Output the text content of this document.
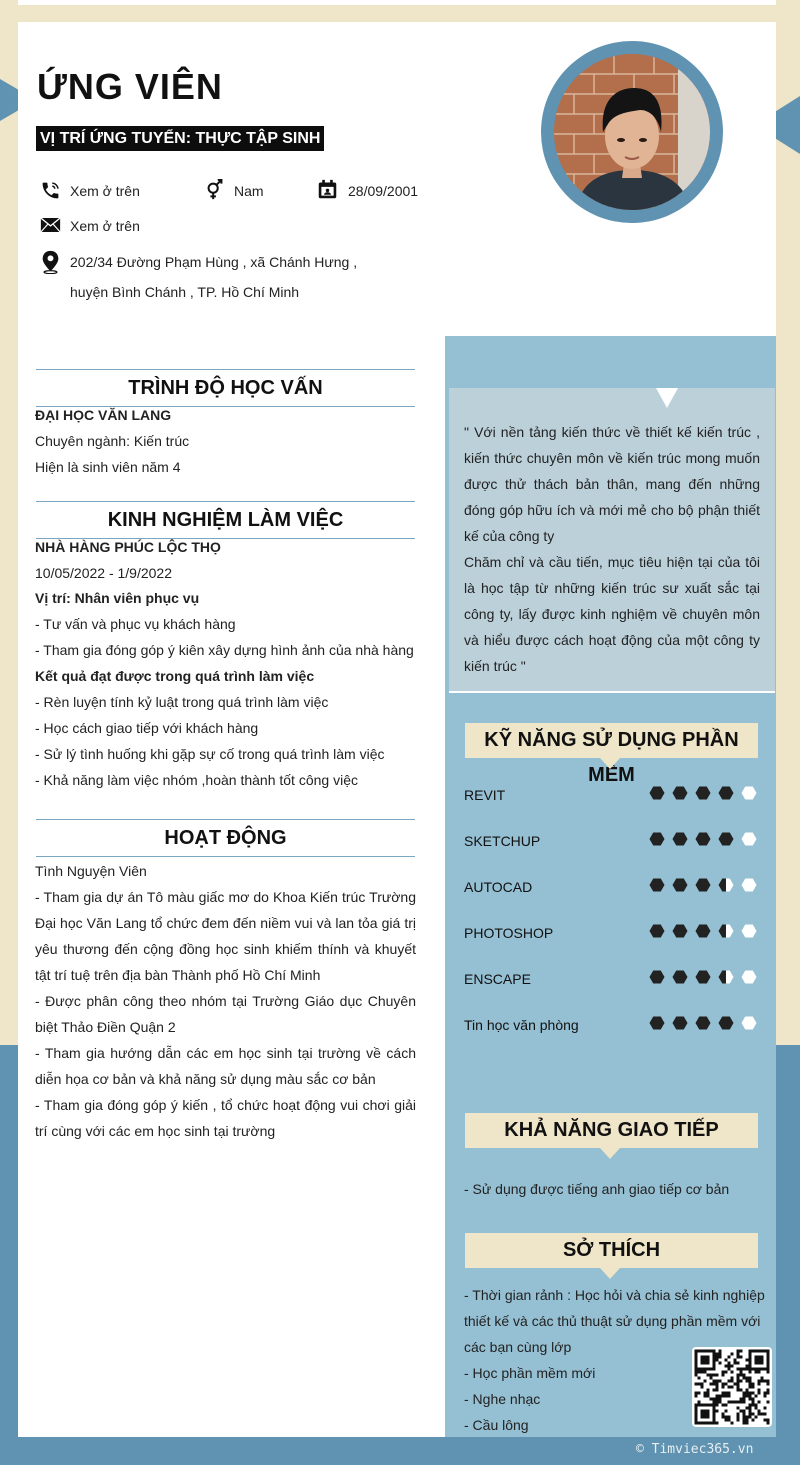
ỨNG VIÊN
VỊ TRÍ ỨNG TUYỂN: THỰC TẬP SINH
Xem ở trên	Nam	28/09/2001
Xem ở trên
202/34 Đường Phạm Hùng , xã Chánh Hưng ,
huyện Bình Chánh , TP. Hồ Chí Minh
TRÌNH ĐỘ HỌC VẤN
ĐẠI HỌC VĂN LANG
Chuyên ngành: Kiến trúc
Hiện là sinh viên năm 4
KINH NGHIỆM LÀM VIỆC
NHÀ HÀNG PHÚC LỘC THỌ
10/05/2022 - 1/9/2022
Vị trí: Nhân viên phục vụ
- Tư vấn và phục vụ khách hàng
- Tham gia đóng góp ý kiên xây dựng hình ảnh của nhà hàng
Kết quả đạt được trong quá trình làm việc
- Rèn luyện tính kỷ luật trong quá trình làm việc
- Học cách giao tiếp với khách hàng
- Sử lý tình huống khi gặp sự cố trong quá trình làm việc
- Khả năng làm việc nhóm ,hoàn thành tốt công việc
HOẠT ĐỘNG
Tình Nguyện Viên
- Tham gia dự án Tô màu giấc mơ do Khoa Kiến trúc Trường
Đại học Văn Lang tổ chức đem đến niềm vui và lan tỏa giá trị
yêu thương đến cộng đồng học sinh khiếm thính và khuyết
tật trí tuệ trên địa bàn Thành phố Hồ Chí Minh
- Được phân công theo nhóm tại Trường Giáo dục Chuyên
biệt Thảo Điền Quận 2
- Tham gia hướng dẫn các em học sinh tại trường về cách
diễn họa cơ bản và khả năng sử dụng màu sắc cơ bản
- Tham gia đóng góp ý kiến , tổ chức hoạt động vui chơi giải
trí cùng với các em học sinh tại trường
" Với nền tảng kiến thức về thiết kế kiến trúc ,
kiến thức chuyên môn về kiến trúc mong muốn
được thử thách bản thân, mang đến những
đóng góp hữu ích và mới mẻ cho bộ phận thiết
kế của công ty
Chăm chỉ và cầu tiến, mục tiêu hiện tại của tôi
là học tập từ những kiến trúc sư xuất sắc tại
công ty, lấy được kinh nghiệm về chuyên môn
và hiểu được cách hoạt động của một công ty
kiến trúc "
KỸ NĂNG SỬ DỤNG PHẦN MỀM
REVIT
SKETCHUP
AUTOCAD
PHOTOSHOP
ENSCAPE
Tin học văn phòng
KHẢ NĂNG GIAO TIẾP
- Sử dụng được tiếng anh giao tiếp cơ bản
SỞ THÍCH
- Thời gian rảnh : Học hỏi và chia sẻ kinh nghiệp
thiết kế và các thủ thuật sử dụng phần mềm với
các bạn cùng lớp
- Học phần mềm mới
- Nghe nhạc
- Cầu lông
© Timviec365.vn
